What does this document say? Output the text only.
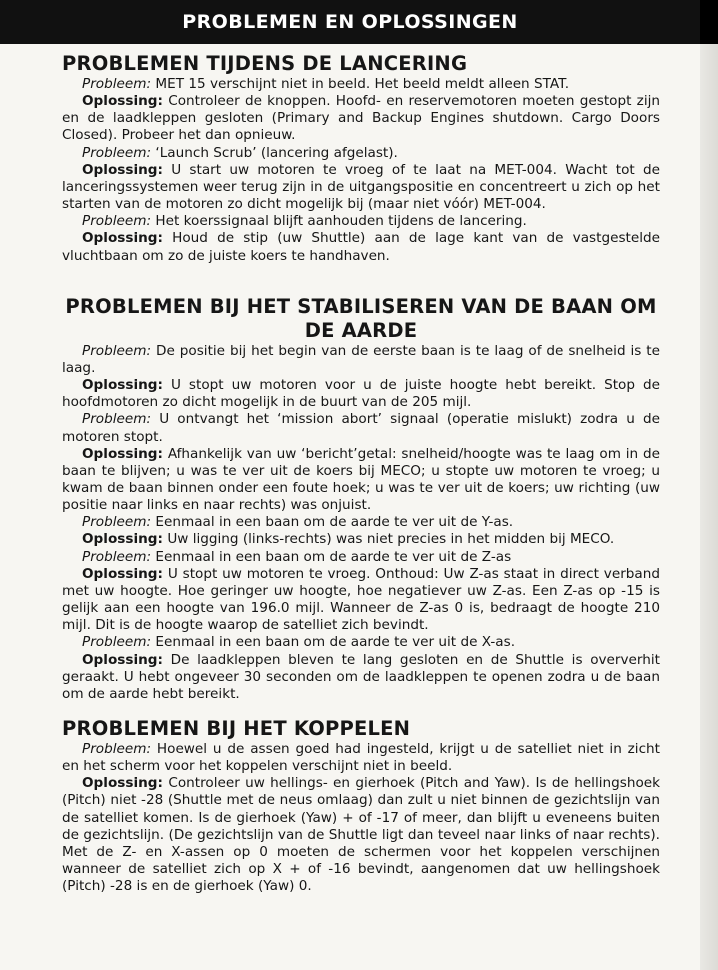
PROBLEMEN EN OPLOSSINGEN
PROBLEMEN TIJDENS DE LANCERING

Probleem: MET 15 verschijnt niet in beeld. Het beeld meldt alleen STAT.

Oplossing: Controleer de knoppen. Hoofd- en reservemotoren moeten gestopt zijn en de laadkleppen gesloten (Primary and Backup Engines shutdown. Cargo Doors Closed). Probeer het dan opnieuw.

Probleem: ‘Launch Scrub’ (lancering afgelast).

Oplossing: U start uw motoren te vroeg of te laat na MET-004. Wacht tot de lanceringssystemen weer terug zijn in de uitgangspositie en concentreert u zich op het starten van de motoren zo dicht mogelijk bij (maar niet vóór) MET-004.

Probleem: Het koerssignaal blijft aanhouden tijdens de lancering.

Oplossing: Houd de stip (uw Shuttle) aan de lage kant van de vastgestelde vluchtbaan om zo de juiste koers te handhaven.

PROBLEMEN BIJ HET STABILISEREN VAN DE BAAN OM DE AARDE

Probleem: De positie bij het begin van de eerste baan is te laag of de snelheid is te laag.

Oplossing: U stopt uw motoren voor u de juiste hoogte hebt bereikt. Stop de hoofdmotoren zo dicht mogelijk in de buurt van de 205 mijl.

Probleem: U ontvangt het ‘mission abort’ signaal (operatie mislukt) zodra u de motoren stopt.

Oplossing: Afhankelijk van uw ‘bericht’getal: snelheid/hoogte was te laag om in de baan te blijven; u was te ver uit de koers bij MECO; u stopte uw motoren te vroeg; u kwam de baan binnen onder een foute hoek; u was te ver uit de koers; uw richting (uw positie naar links en naar rechts) was onjuist.

Probleem: Eenmaal in een baan om de aarde te ver uit de Y-as.

Oplossing: Uw ligging (links-rechts) was niet precies in het midden bij MECO.

Probleem: Eenmaal in een baan om de aarde te ver uit de Z-as

Oplossing: U stopt uw motoren te vroeg. Onthoud: Uw Z-as staat in direct verband met uw hoogte. Hoe geringer uw hoogte, hoe negatiever uw Z-as. Een Z-as op -15 is gelijk aan een hoogte van 196.0 mijl. Wanneer de Z-as 0 is, bedraagt de hoogte 210 mijl. Dit is de hoogte waarop de satelliet zich bevindt.

Probleem: Eenmaal in een baan om de aarde te ver uit de X-as.

Oplossing: De laadkleppen bleven te lang gesloten en de Shuttle is oververhit geraakt. U hebt ongeveer 30 seconden om de laadkleppen te openen zodra u de baan om de aarde hebt bereikt.

PROBLEMEN BIJ HET KOPPELEN

Probleem: Hoewel u de assen goed had ingesteld, krijgt u de satelliet niet in zicht en het scherm voor het koppelen verschijnt niet in beeld.

Oplossing: Controleer uw hellings- en gierhoek (Pitch and Yaw). Is de hellingshoek (Pitch) niet -28 (Shuttle met de neus omlaag) dan zult u niet binnen de gezichtslijn van de satelliet komen. Is de gierhoek (Yaw) + of -17 of meer, dan blijft u eveneens buiten de gezichtslijn. (De gezichtslijn van de Shuttle ligt dan teveel naar links of naar rechts). Met de Z- en X-assen op 0 moeten de schermen voor het koppelen verschijnen wanneer de satelliet zich op X + of -16 bevindt, aangenomen dat uw hellingshoek (Pitch) -28 is en de gierhoek (Yaw) 0.
